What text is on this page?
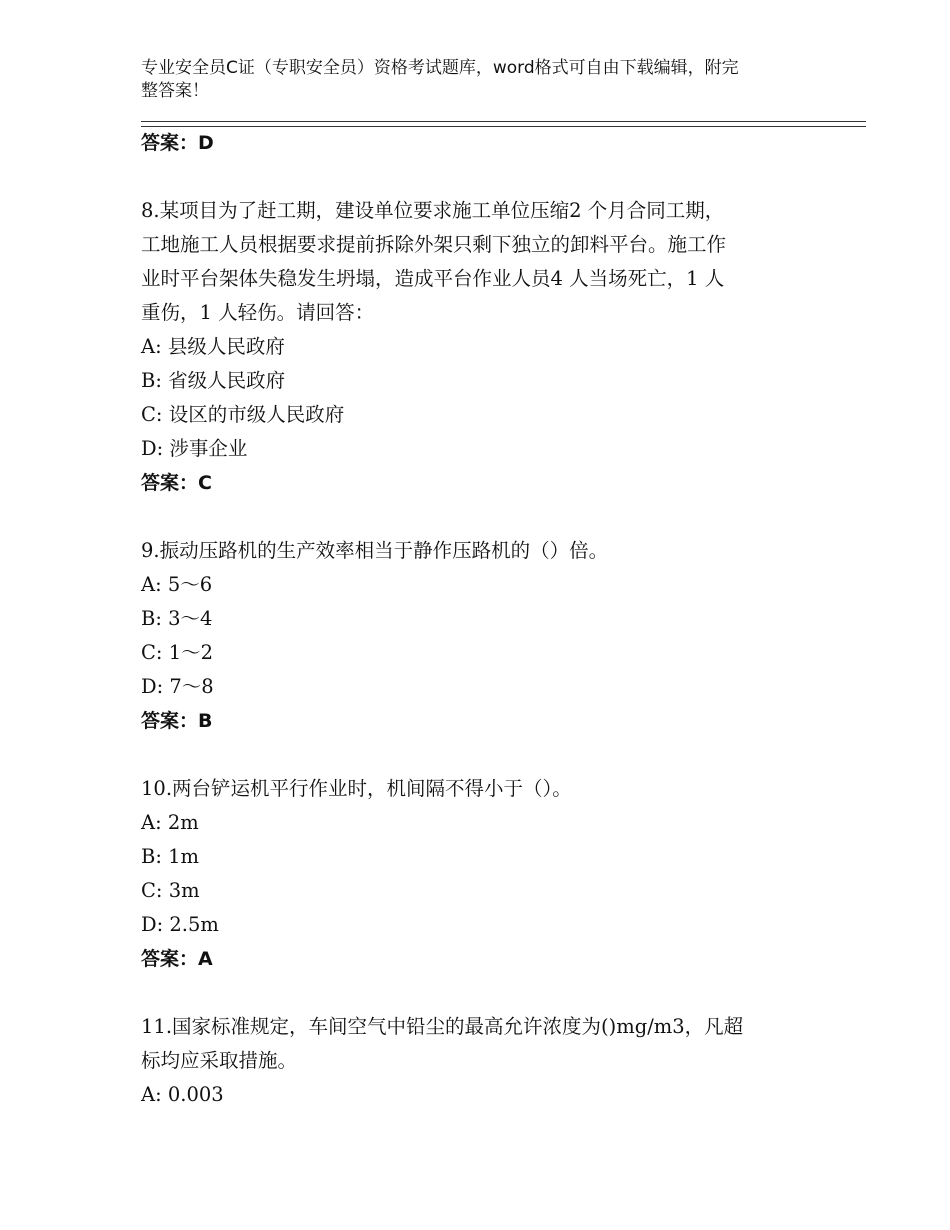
专业安全员C证（专职安全员）资格考试题库，word格式可自由下载编辑，附完
整答案！
答案：D
8.某项目为了赶工期，建设单位要求施工单位压缩2 个月合同工期，
工地施工人员根据要求提前拆除外架只剩下独立的卸料平台。施工作
业时平台架体失稳发生坍塌，造成平台作业人员4 人当场死亡，1 人
重伤，1 人轻伤。请回答：
A: 县级人民政府
B: 省级人民政府
C: 设区的市级人民政府
D: 涉事企业
答案：C
9.振动压路机的生产效率相当于静作压路机的（）倍。
A: 5～6
B: 3～4
C: 1～2
D: 7～8
答案：B
10.两台铲运机平行作业时，机间隔不得小于（）。
A: 2m
B: 1m
C: 3m
D: 2.5m
答案：A
11.国家标准规定，车间空气中铅尘的最高允许浓度为()mg/m3，凡超
标均应采取措施。
A: 0.003
